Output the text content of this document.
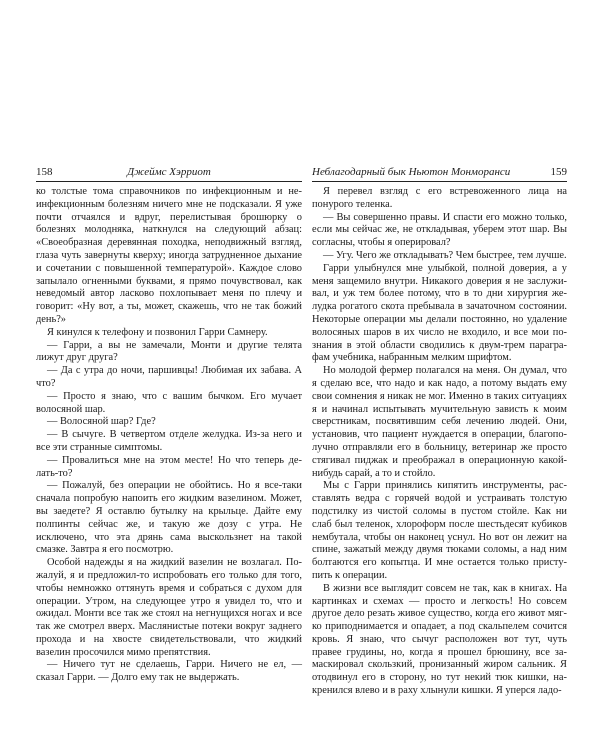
158	Джеймс Хэрриот

ко толстые тома справочников по инфекционным и неинфекционным болезням ничего мне не подсказали. Я уже почти отчаялся и вдруг, перелистывая брошюрку о болезнях молодняка, наткнулся на следующий абзац: «Своеобразная деревянная походка, неподвижный взгляд, глаза чуть завернуты кверху; иногда затрудненное дыхание и сочетании с повышенной температурой». Каждое слово запылало огненными буквами, я прямо почувствовал, как неведомый автор ласково похлопывает меня по плечу и говорит: «Ну вот, а ты, может, скажешь, что не так божий день?»

Я кинулся к телефону и позвонил Гарри Самнеру.

— Гарри, а вы не замечали, Монти и другие телята лижут друг друга?

— Да с утра до ночи, паршивцы! Любимая их забава. А что?

— Просто я знаю, что с вашим бычком. Его мучает волосяной шар.

— Волосяной шар? Где?

— В сычуге. В четвертом отделе желудка. Из-за него и все эти странные симптомы.

— Провалиться мне на этом месте! Но что теперь делать-то?

— Пожалуй, без операции не обойтись. Но я все-таки сначала попробую напоить его жидким вазелином. Может, вы заедете? Я оставлю бутылку на крыльце. Дайте ему полпинты сейчас же, и такую же дозу с утра. Не исключено, что эта дрянь сама выскользнет на такой смазке. Завтра я его посмотрю.

Особой надежды я на жидкий вазелин не возлагал. Пожалуй, я и предложил-то испробовать его только для того, чтобы немножко оттянуть время и собраться с духом для операции. Утром, на следующее утро я увидел то, что и ожидал. Монти все так же стоял на негнущихся ногах и все так же смотрел вверх. Маслянистые потеки вокруг заднего прохода и на хвосте свидетельствовали, что жидкий вазелин просочился мимо препятствия.

— Ничего тут не сделаешь, Гарри. Ничего не ел, — сказал Гарри. — Долго ему так не выдержать.

Неблагодарный бык Ньютон Монморанси	159

Я перевел взгляд с его встревоженного лица на понурого теленка.

— Вы совершенно правы. И спасти его можно только, если мы сейчас же, не откладывая, уберем этот шар. Вы согласны, чтобы я оперировал?

— Угу. Чего же откладывать? Чем быстрее, тем лучше.

Гарри улыбнулся мне улыбкой, полной доверия, а у меня защемило внутри. Никакого доверия я не заслуживал, и уж тем более потому, что в то дни хирургия желудка рогатого скота пребывала в зачаточном состоянии. Некоторые операции мы делали постоянно, но удаление волосяных шаров в их число не входило, и все мои познания в этой области сводились к двум-трем параграфам учебника, набранным мелким шрифтом.

Но молодой фермер полагался на меня. Он думал, что я сделаю все, что надо и как надо, а потому выдать ему свои сомнения я никак не мог. Именно в таких ситуациях я и начинал испытывать мучительную зависть к моим сверстникам, посвятившим себя лечению людей. Они, установив, что пациент нуждается в операции, благополучно отправляли его в больницу, ветеринар же просто стягивал пиджак и преображал в операционную какойнибудь сарай, а то и стойло.

Мы с Гарри принялись кипятить инструменты, расставлять ведра с горячей водой и устраивать толстую подстилку из чистой соломы в пустом стойле. Как ни слаб был теленок, хлороформ после шестьдесят кубиков нембутала, чтобы он наконец уснул. Но вот он лежит на спине, зажатый между двумя тюками соломы, а над ним болтаются его копытца. И мне остается только приступить к операции.

В жизни все выглядит совсем не так, как в книгах. На картинках и схемах — просто и легкость! Но совсем другое дело резать живое существо, когда его живот мягко приподнимается и опадает, а под скальпелем сочится кровь. Я знаю, что сычуг расположен вот тут, чуть правее грудины, но, когда я прошел брюшину, все замаскировал скользкий, пронизанный жиром сальник. Я отодвинул его в сторону, но тут некий тюк кишки, накренился влево и в раху хлынули кишки. Я уперся ладо-
